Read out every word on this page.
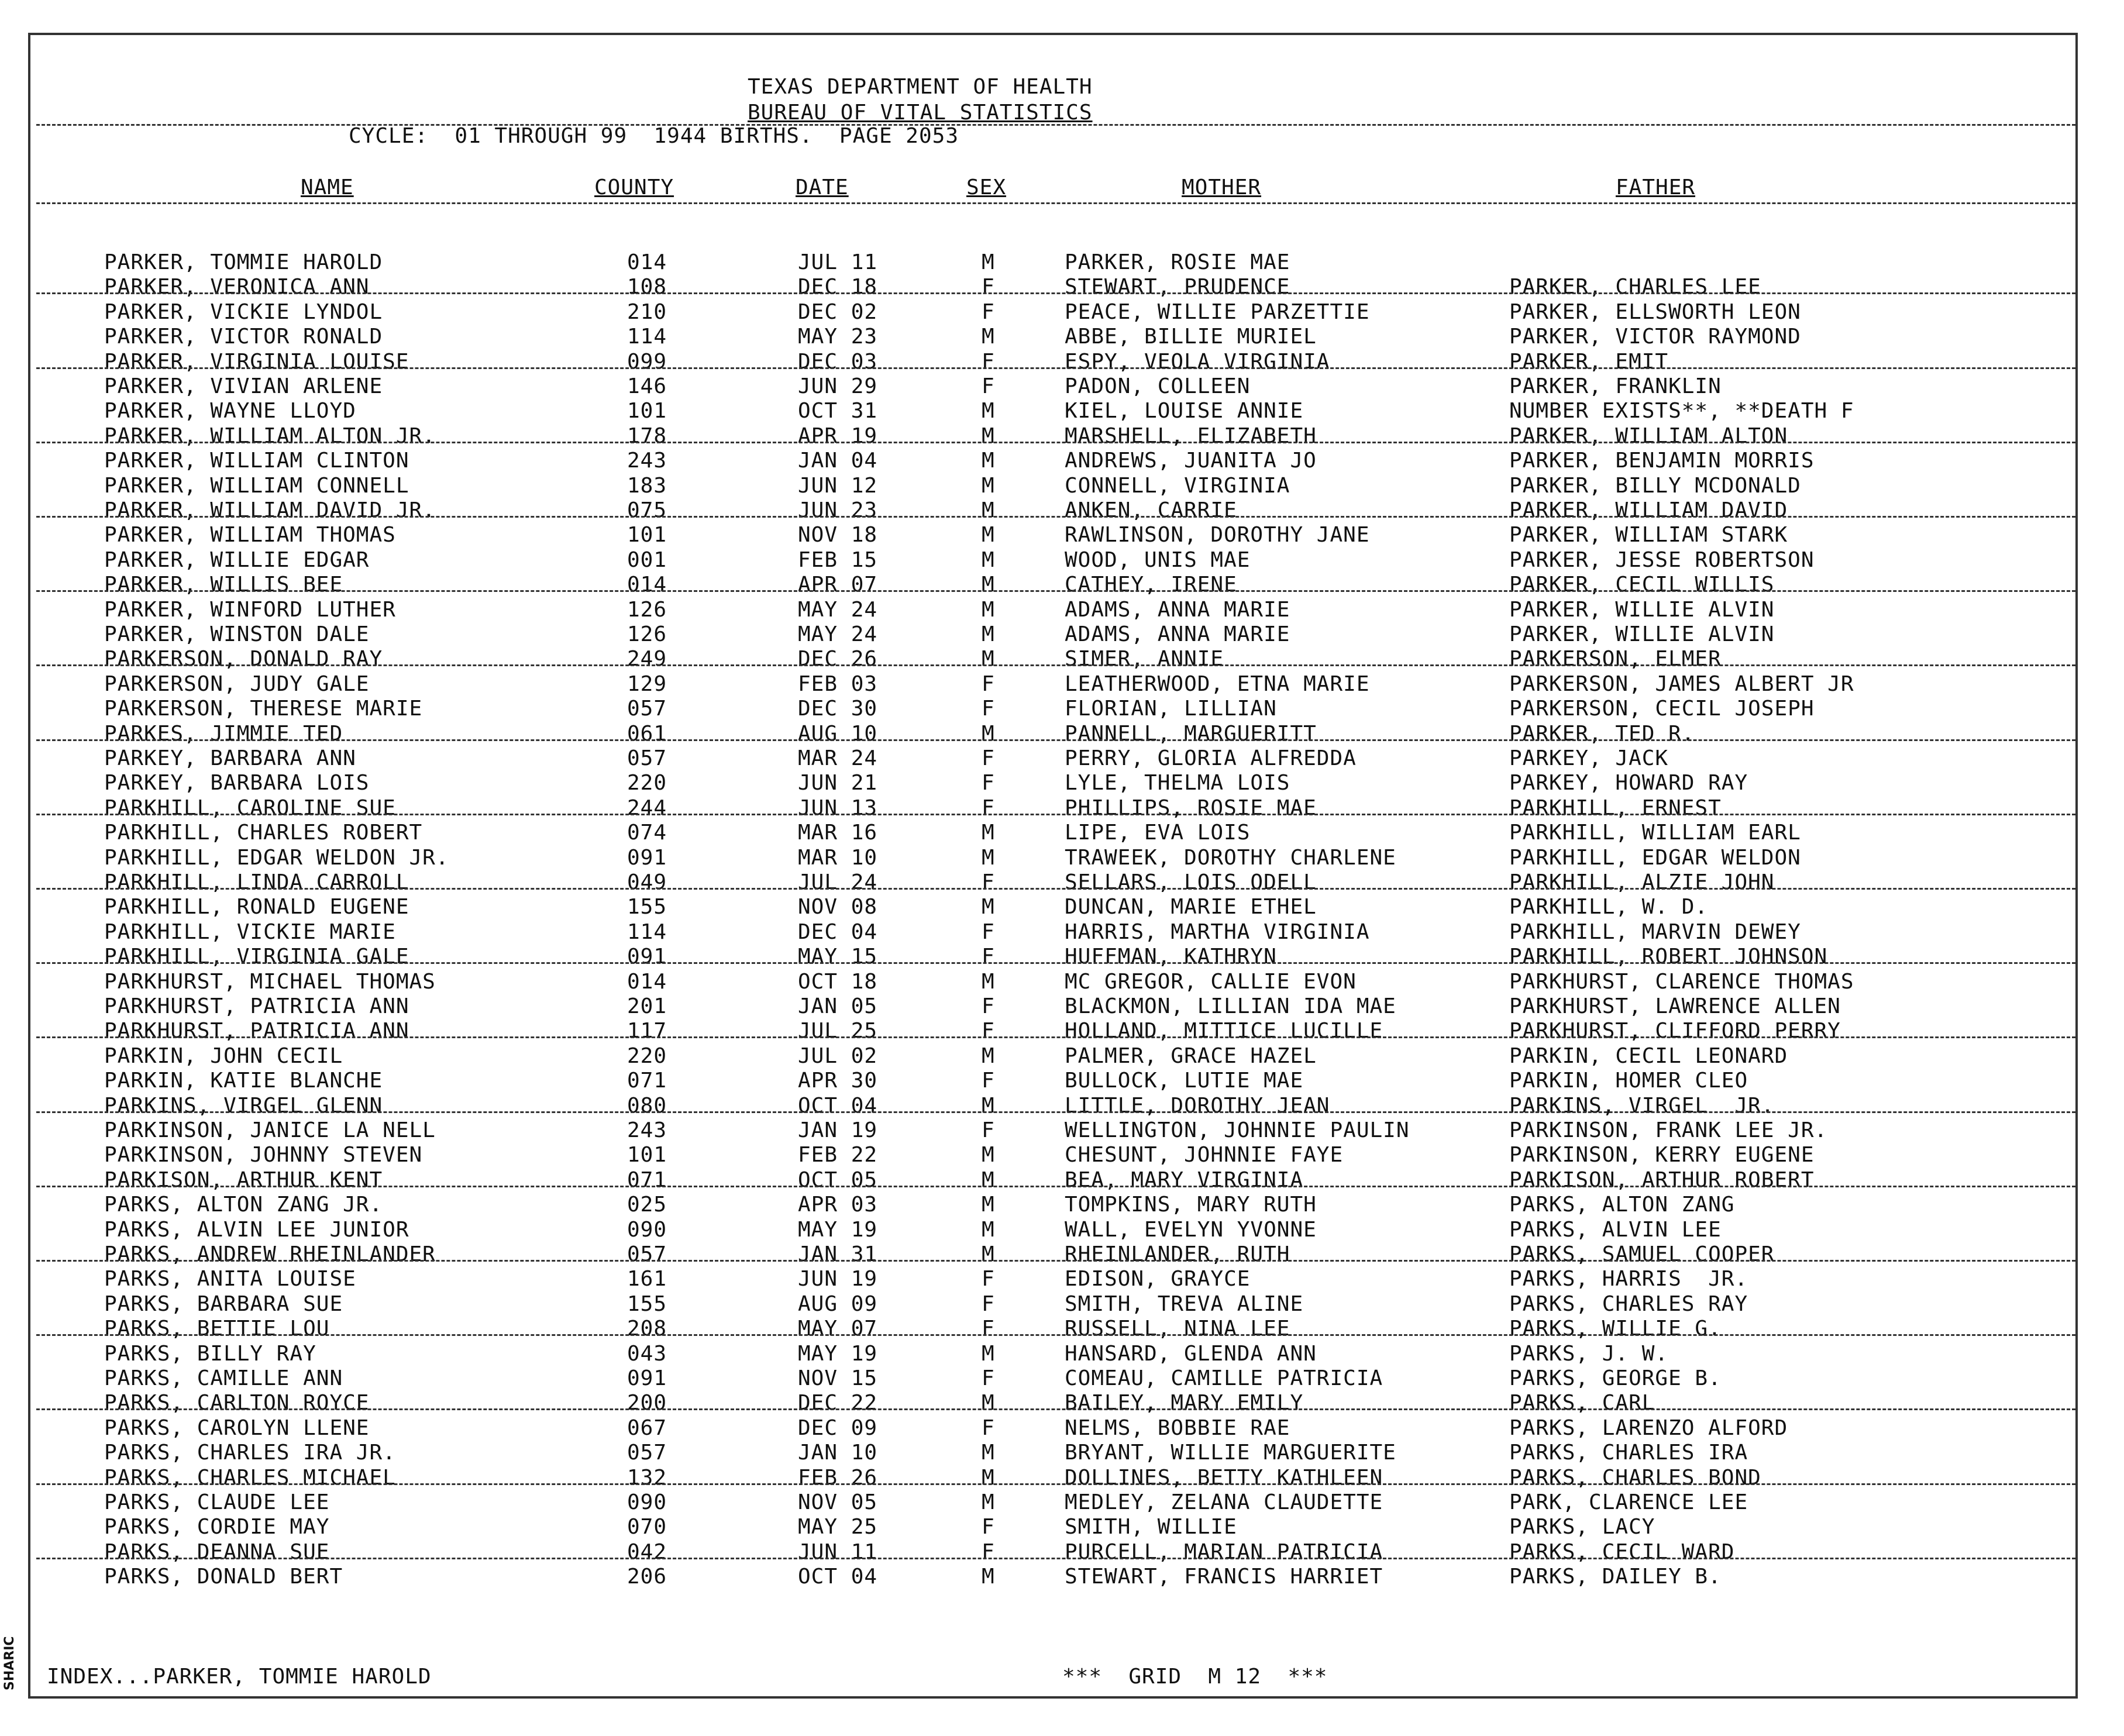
TEXAS DEPARTMENT OF HEALTH
BUREAU OF VITAL STATISTICS
CYCLE:  01 THROUGH 99  1944 BIRTHS.  PAGE 2053
NAME	COUNTY	DATE	SEX	MOTHER	FATHER
PARKER, TOMMIE HAROLD	014	JUL 11	M	PARKER, ROSIE MAE
PARKER, VERONICA ANN	108	DEC 18	F	STEWART, PRUDENCE	PARKER, CHARLES LEE
PARKER, VICKIE LYNDOL	210	DEC 02	F	PEACE, WILLIE PARZETTIE	PARKER, ELLSWORTH LEON
PARKER, VICTOR RONALD	114	MAY 23	M	ABBE, BILLIE MURIEL	PARKER, VICTOR RAYMOND
PARKER, VIRGINIA LOUISE	099	DEC 03	F	ESPY, VEOLA VIRGINIA	PARKER, EMIT
PARKER, VIVIAN ARLENE	146	JUN 29	F	PADON, COLLEEN	PARKER, FRANKLIN
PARKER, WAYNE LLOYD	101	OCT 31	M	KIEL, LOUISE ANNIE	NUMBER EXISTS**, **DEATH F
PARKER, WILLIAM ALTON JR.	178	APR 19	M	MARSHELL, ELIZABETH	PARKER, WILLIAM ALTON
PARKER, WILLIAM CLINTON	243	JAN 04	M	ANDREWS, JUANITA JO	PARKER, BENJAMIN MORRIS
PARKER, WILLIAM CONNELL	183	JUN 12	M	CONNELL, VIRGINIA	PARKER, BILLY MCDONALD
PARKER, WILLIAM DAVID JR.	075	JUN 23	M	ANKEN, CARRIE	PARKER, WILLIAM DAVID
PARKER, WILLIAM THOMAS	101	NOV 18	M	RAWLINSON, DOROTHY JANE	PARKER, WILLIAM STARK
PARKER, WILLIE EDGAR	001	FEB 15	M	WOOD, UNIS MAE	PARKER, JESSE ROBERTSON
PARKER, WILLIS BEE	014	APR 07	M	CATHEY, IRENE	PARKER, CECIL WILLIS
PARKER, WINFORD LUTHER	126	MAY 24	M	ADAMS, ANNA MARIE	PARKER, WILLIE ALVIN
PARKER, WINSTON DALE	126	MAY 24	M	ADAMS, ANNA MARIE	PARKER, WILLIE ALVIN
PARKERSON, DONALD RAY	249	DEC 26	M	SIMER, ANNIE	PARKERSON, ELMER
PARKERSON, JUDY GALE	129	FEB 03	F	LEATHERWOOD, ETNA MARIE	PARKERSON, JAMES ALBERT JR
PARKERSON, THERESE MARIE	057	DEC 30	F	FLORIAN, LILLIAN	PARKERSON, CECIL JOSEPH
PARKES, JIMMIE TED	061	AUG 10	M	PANNELL, MARGUERITT	PARKER, TED R.
PARKEY, BARBARA ANN	057	MAR 24	F	PERRY, GLORIA ALFREDDA	PARKEY, JACK
PARKEY, BARBARA LOIS	220	JUN 21	F	LYLE, THELMA LOIS	PARKEY, HOWARD RAY
PARKHILL, CAROLINE SUE	244	JUN 13	F	PHILLIPS, ROSIE MAE	PARKHILL, ERNEST
PARKHILL, CHARLES ROBERT	074	MAR 16	M	LIPE, EVA LOIS	PARKHILL, WILLIAM EARL
PARKHILL, EDGAR WELDON JR.	091	MAR 10	M	TRAWEEK, DOROTHY CHARLENE	PARKHILL, EDGAR WELDON
PARKHILL, LINDA CARROLL	049	JUL 24	F	SELLARS, LOIS ODELL	PARKHILL, ALZIE JOHN
PARKHILL, RONALD EUGENE	155	NOV 08	M	DUNCAN, MARIE ETHEL	PARKHILL, W. D.
PARKHILL, VICKIE MARIE	114	DEC 04	F	HARRIS, MARTHA VIRGINIA	PARKHILL, MARVIN DEWEY
PARKHILL, VIRGINIA GALE	091	MAY 15	F	HUFFMAN, KATHRYN	PARKHILL, ROBERT JOHNSON
PARKHURST, MICHAEL THOMAS	014	OCT 18	M	MC GREGOR, CALLIE EVON	PARKHURST, CLARENCE THOMAS
PARKHURST, PATRICIA ANN	201	JAN 05	F	BLACKMON, LILLIAN IDA MAE	PARKHURST, LAWRENCE ALLEN
PARKHURST, PATRICIA ANN	117	JUL 25	F	HOLLAND, MITTICE LUCILLE	PARKHURST, CLIFFORD PERRY
PARKIN, JOHN CECIL	220	JUL 02	M	PALMER, GRACE HAZEL	PARKIN, CECIL LEONARD
PARKIN, KATIE BLANCHE	071	APR 30	F	BULLOCK, LUTIE MAE	PARKIN, HOMER CLEO
PARKINS, VIRGEL GLENN	080	OCT 04	M	LITTLE, DOROTHY JEAN	PARKINS, VIRGEL  JR.
PARKINSON, JANICE LA NELL	243	JAN 19	F	WELLINGTON, JOHNNIE PAULIN	PARKINSON, FRANK LEE JR.
PARKINSON, JOHNNY STEVEN	101	FEB 22	M	CHESUNT, JOHNNIE FAYE	PARKINSON, KERRY EUGENE
PARKISON, ARTHUR KENT	071	OCT 05	M	BEA, MARY VIRGINIA	PARKISON, ARTHUR ROBERT
PARKS, ALTON ZANG JR.	025	APR 03	M	TOMPKINS, MARY RUTH	PARKS, ALTON ZANG
PARKS, ALVIN LEE JUNIOR	090	MAY 19	M	WALL, EVELYN YVONNE	PARKS, ALVIN LEE
PARKS, ANDREW RHEINLANDER	057	JAN 31	M	RHEINLANDER, RUTH	PARKS, SAMUEL COOPER
PARKS, ANITA LOUISE	161	JUN 19	F	EDISON, GRAYCE	PARKS, HARRIS  JR.
PARKS, BARBARA SUE	155	AUG 09	F	SMITH, TREVA ALINE	PARKS, CHARLES RAY
PARKS, BETTIE LOU	208	MAY 07	F	RUSSELL, NINA LEE	PARKS, WILLIE G.
PARKS, BILLY RAY	043	MAY 19	M	HANSARD, GLENDA ANN	PARKS, J. W.
PARKS, CAMILLE ANN	091	NOV 15	F	COMEAU, CAMILLE PATRICIA	PARKS, GEORGE B.
PARKS, CARLTON ROYCE	200	DEC 22	M	BAILEY, MARY EMILY	PARKS, CARL
PARKS, CAROLYN LLENE	067	DEC 09	F	NELMS, BOBBIE RAE	PARKS, LARENZO ALFORD
PARKS, CHARLES IRA JR.	057	JAN 10	M	BRYANT, WILLIE MARGUERITE	PARKS, CHARLES IRA
PARKS, CHARLES MICHAEL	132	FEB 26	M	DOLLINES, BETTY KATHLEEN	PARKS, CHARLES BOND
PARKS, CLAUDE LEE	090	NOV 05	M	MEDLEY, ZELANA CLAUDETTE	PARK, CLARENCE LEE
PARKS, CORDIE MAY	070	MAY 25	F	SMITH, WILLIE	PARKS, LACY
PARKS, DEANNA SUE	042	JUN 11	F	PURCELL, MARIAN PATRICIA	PARKS, CECIL WARD
PARKS, DONALD BERT	206	OCT 04	M	STEWART, FRANCIS HARRIET	PARKS, DAILEY B.
INDEX...PARKER, TOMMIE HAROLD	***  GRID  M 12  ***
SHARIC
